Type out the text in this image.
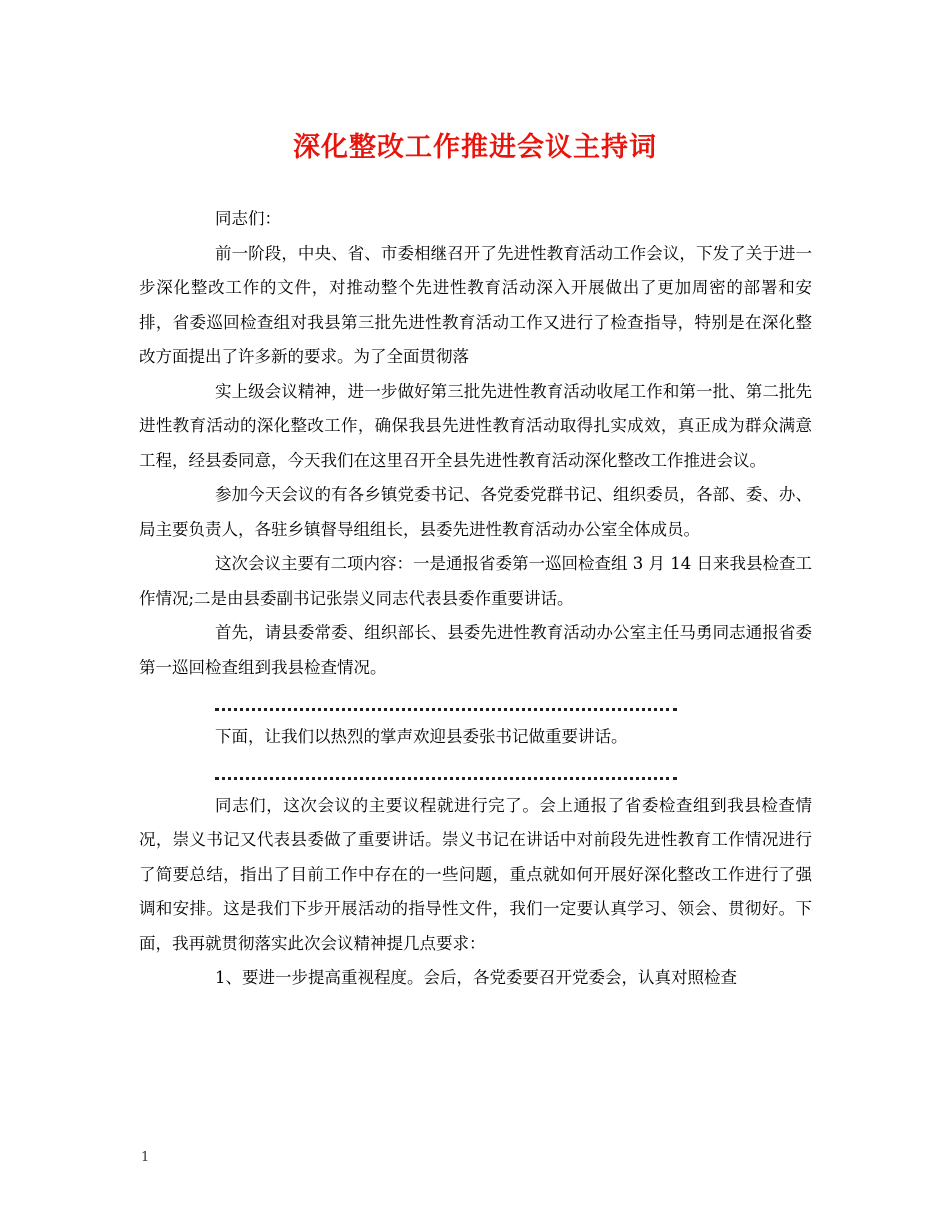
深化整改工作推进会议主持词

同志们：

前一阶段，中央、省、市委相继召开了先进性教育活动工作会议，下发了关于进一步深化整改工作的文件，对推动整个先进性教育活动深入开展做出了更加周密的部署和安排，省委巡回检查组对我县第三批先进性教育活动工作又进行了检查指导，特别是在深化整改方面提出了许多新的要求。为了全面贯彻落

实上级会议精神，进一步做好第三批先进性教育活动收尾工作和第一批、第二批先进性教育活动的深化整改工作，确保我县先进性教育活动取得扎实成效，真正成为群众满意工程，经县委同意，今天我们在这里召开全县先进性教育活动深化整改工作推进会议。

参加今天会议的有各乡镇党委书记、各党委党群书记、组织委员，各部、委、办、局主要负责人，各驻乡镇督导组组长，县委先进性教育活动办公室全体成员。

这次会议主要有二项内容：一是通报省委第一巡回检查组 3 月 14 日来我县检查工作情况;二是由县委副书记张崇义同志代表县委作重要讲话。

首先，请县委常委、组织部长、县委先进性教育活动办公室主任马勇同志通报省委第一巡回检查组到我县检查情况。

下面，让我们以热烈的掌声欢迎县委张书记做重要讲话。

同志们，这次会议的主要议程就进行完了。会上通报了省委检查组到我县检查情况，崇义书记又代表县委做了重要讲话。崇义书记在讲话中对前段先进性教育工作情况进行了简要总结，指出了目前工作中存在的一些问题，重点就如何开展好深化整改工作进行了强调和安排。这是我们下步开展活动的指导性文件，我们一定要认真学习、领会、贯彻好。下面，我再就贯彻落实此次会议精神提几点要求：

1、要进一步提高重视程度。会后，各党委要召开党委会，认真对照检查

1
